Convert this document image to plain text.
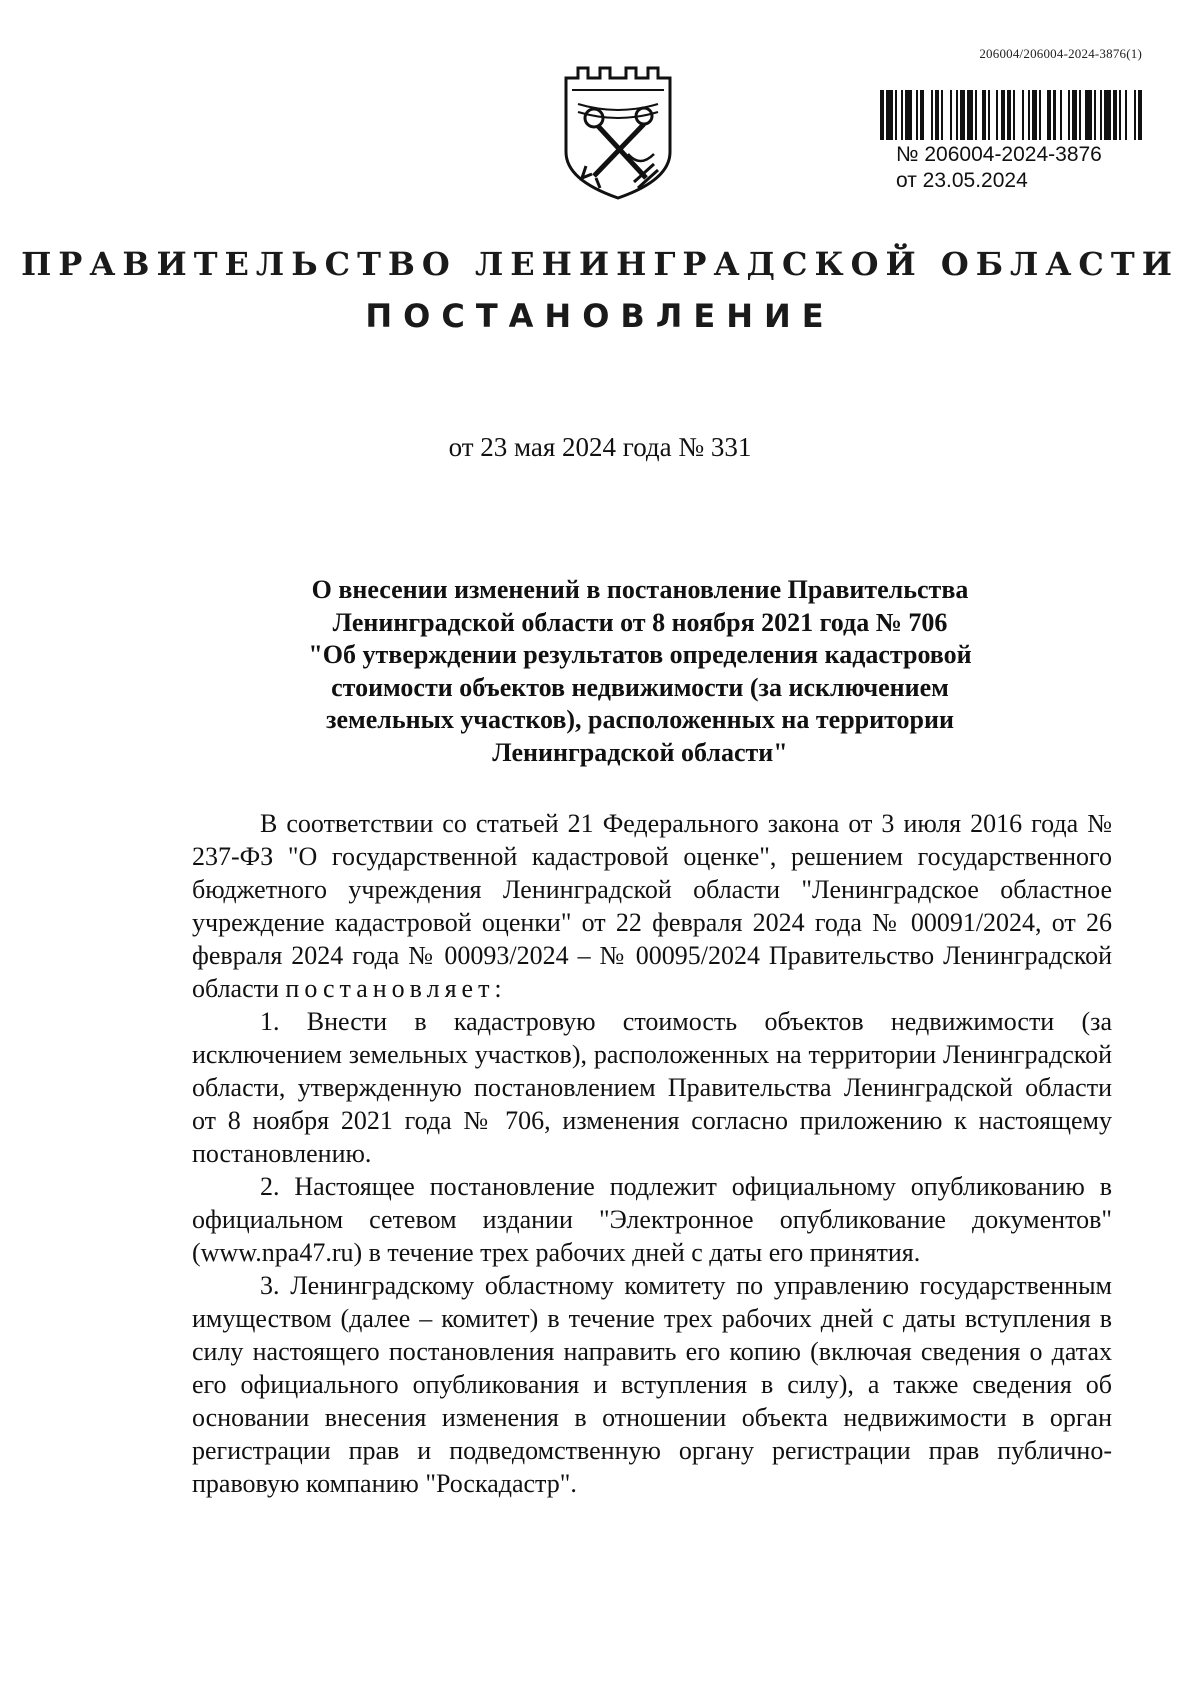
206004/206004-2024-3876(1)
№ 206004-2024-3876
от 23.05.2024
ПРАВИТЕЛЬСТВО ЛЕНИНГРАДСКОЙ ОБЛАСТИ
ПОСТАНОВЛЕНИЕ
от 23 мая 2024 года № 331
О внесении изменений в постановление Правительства
Ленинградской области от 8 ноября 2021 года № 706
"Об утверждении результатов определения кадастровой
стоимости объектов недвижимости (за исключением
земельных участков), расположенных на территории
Ленинградской области"

В соответствии со статьей 21 Федерального закона от 3 июля 2016 года № 237-ФЗ "О государственной кадастровой оценке", решением государственного бюджетного учреждения Ленинградской области "Ленинградское областное учреждение кадастровой оценки" от 22 февраля 2024 года № 00091/2024, от 26 февраля 2024 года № 00093/2024 – № 00095/2024 Правительство Ленинградской области постановляет:

1. Внести в кадастровую стоимость объектов недвижимости (за исключением земельных участков), расположенных на территории Ленинградской области, утвержденную постановлением Правительства Ленинградской области от 8 ноября 2021 года № 706, изменения согласно приложению к настоящему постановлению.

2. Настоящее постановление подлежит официальному опубликованию в официальном сетевом издании "Электронное опубликование документов" (www.npa47.ru) в течение трех рабочих дней с даты его принятия.

3. Ленинградскому областному комитету по управлению государственным имуществом (далее – комитет) в течение трех рабочих дней с даты вступления в силу настоящего постановления направить его копию (включая сведения о датах его официального опубликования и вступления в силу), а также сведения об основании внесения изменения в отношении объекта недвижимости в орган регистрации прав и подведомственную органу регистрации прав публично-правовую компанию "Роскадастр".
